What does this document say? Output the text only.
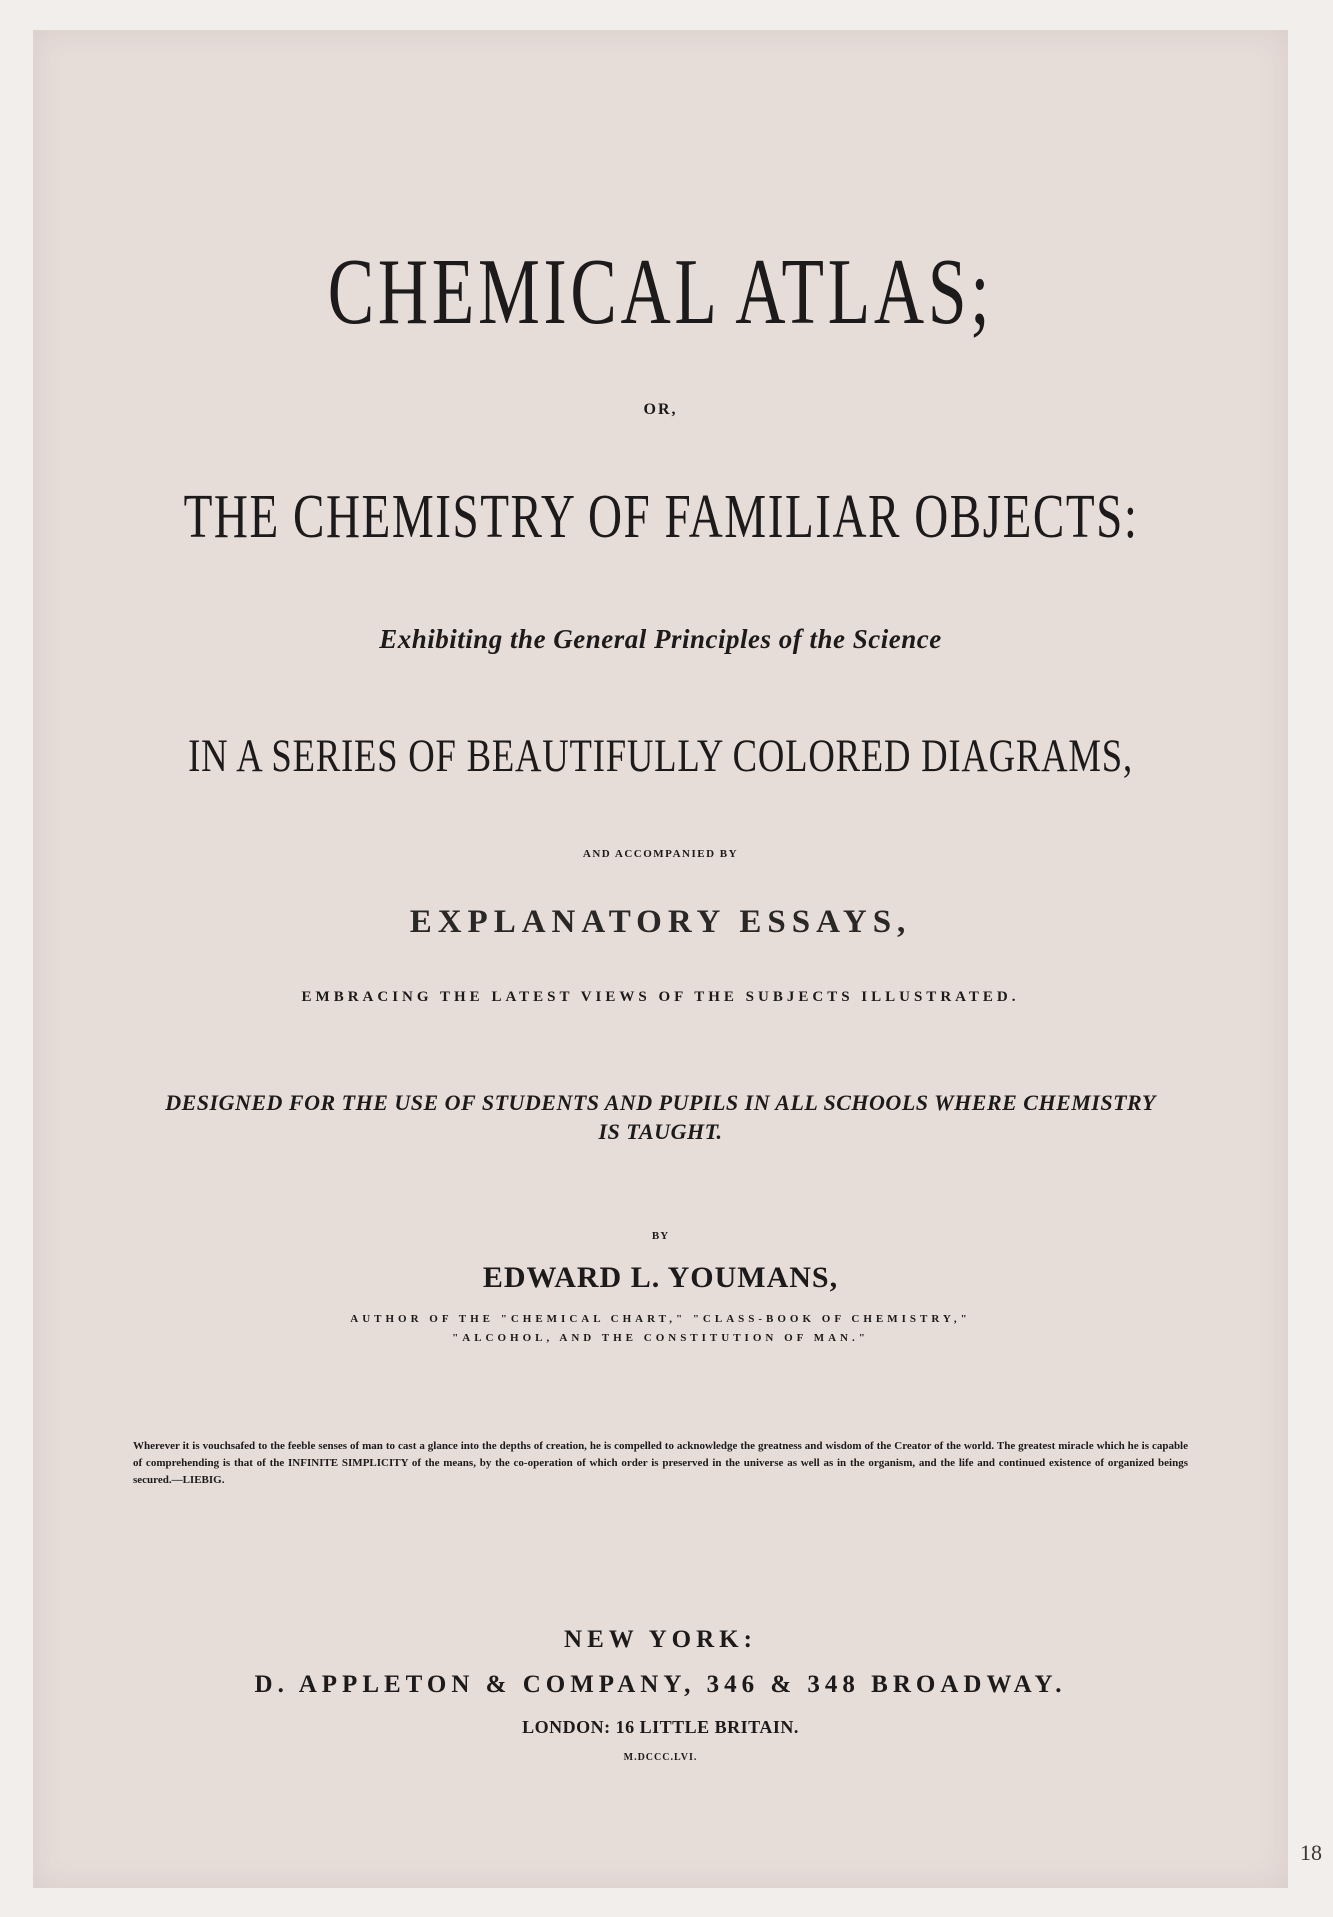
CHEMICAL ATLAS;
OR,
THE CHEMISTRY OF FAMILIAR OBJECTS:
Exhibiting the General Principles of the Science
IN A SERIES OF BEAUTIFULLY COLORED DIAGRAMS,
AND ACCOMPANIED BY
EXPLANATORY ESSAYS,
EMBRACING THE LATEST VIEWS OF THE SUBJECTS ILLUSTRATED.
DESIGNED FOR THE USE OF STUDENTS AND PUPILS IN ALL SCHOOLS WHERE CHEMISTRY IS TAUGHT.
BY
EDWARD L. YOUMANS,
AUTHOR OF THE "CHEMICAL CHART," "CLASS-BOOK OF CHEMISTRY,"
"ALCOHOL, AND THE CONSTITUTION OF MAN."
Wherever it is vouchsafed to the feeble senses of man to cast a glance into the depths of creation, he is compelled to acknowledge the greatness and wisdom of the Creator of the world. The greatest miracle which he is capable of comprehending is that of the INFINITE SIMPLICITY of the means, by the co-operation of which order is preserved in the universe as well as in the organism, and the life and continued existence of organized beings secured.—LIEBIG.
NEW YORK:
D. APPLETON & COMPANY, 346 & 348 BROADWAY.
LONDON: 16 LITTLE BRITAIN.
M.DCCC.LVI.
18
